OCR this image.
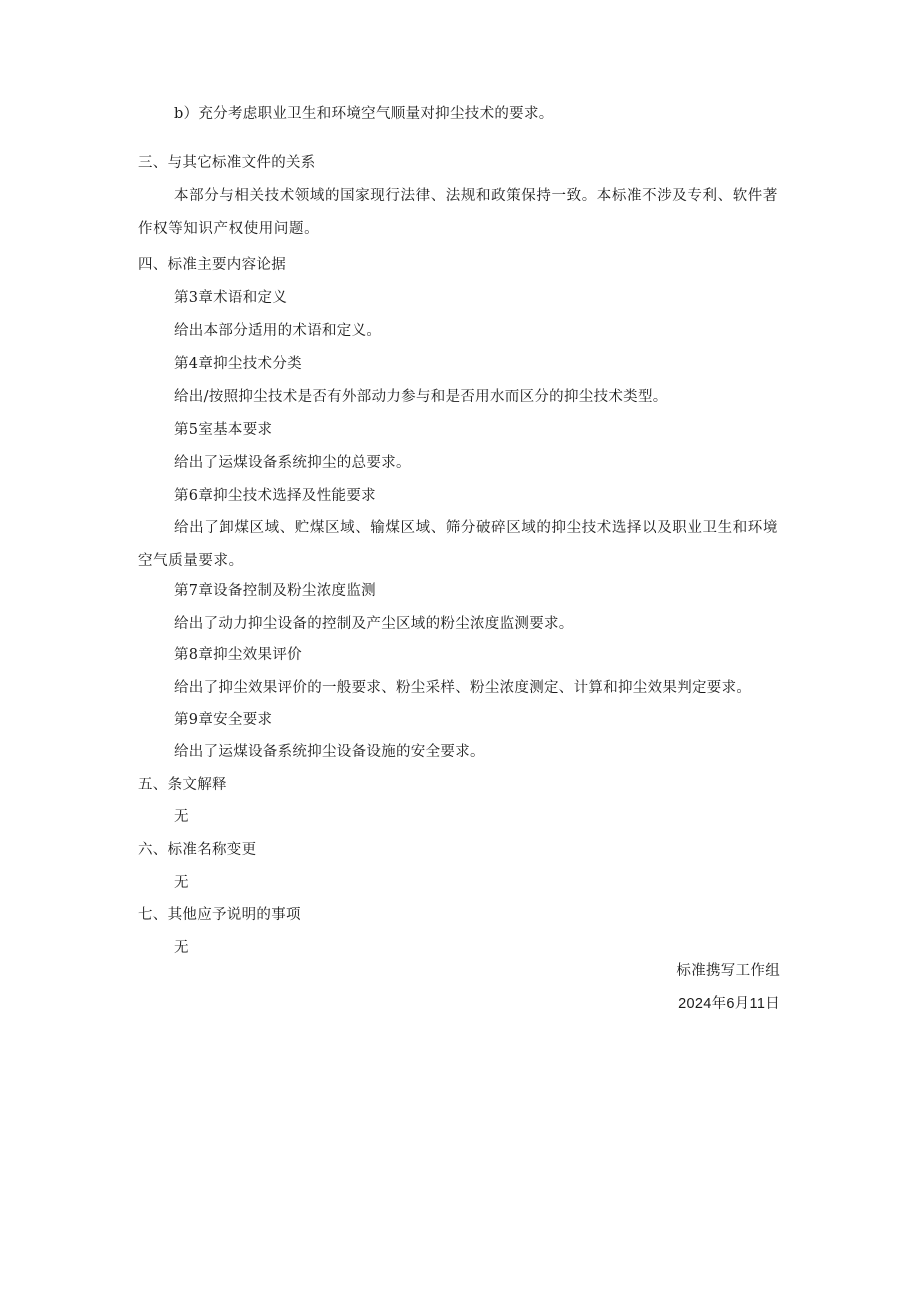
b）充分考虑职业卫生和环境空气顺量对抑尘技术的要求。
三、与其它标准文件的关系
本部分与相关技术领域的国家现行法律、法规和政策保持一致。本标准不涉及专利、软件著作权等知识产权使用问题。
四、标准主要内容论据
第3章术语和定义
给出本部分适用的术语和定义。
第4章抑尘技术分类
给出/按照抑尘技术是否有外部动力参与和是否用水而区分的抑尘技术类型。
第5室基本要求
给出了运煤设备系统抑尘的总要求。
第6章抑尘技术选择及性能要求
给出了卸煤区域、贮煤区域、输煤区域、筛分破碎区域的抑尘技术选择以及职业卫生和环境空气质量要求。
第7章设备控制及粉尘浓度监测
给出了动力抑尘设备的控制及产尘区域的粉尘浓度监测要求。
第8章抑尘效果评价
给出了抑尘效果评价的一般要求、粉尘采样、粉尘浓度测定、计算和抑尘效果判定要求。
第9章安全要求
给出了运煤设备系统抑尘设备设施的安全要求。
五、条文解释
无
六、标准名称变更
无
七、其他应予说明的事项
无
标准携写工作组
2024年6月11日
